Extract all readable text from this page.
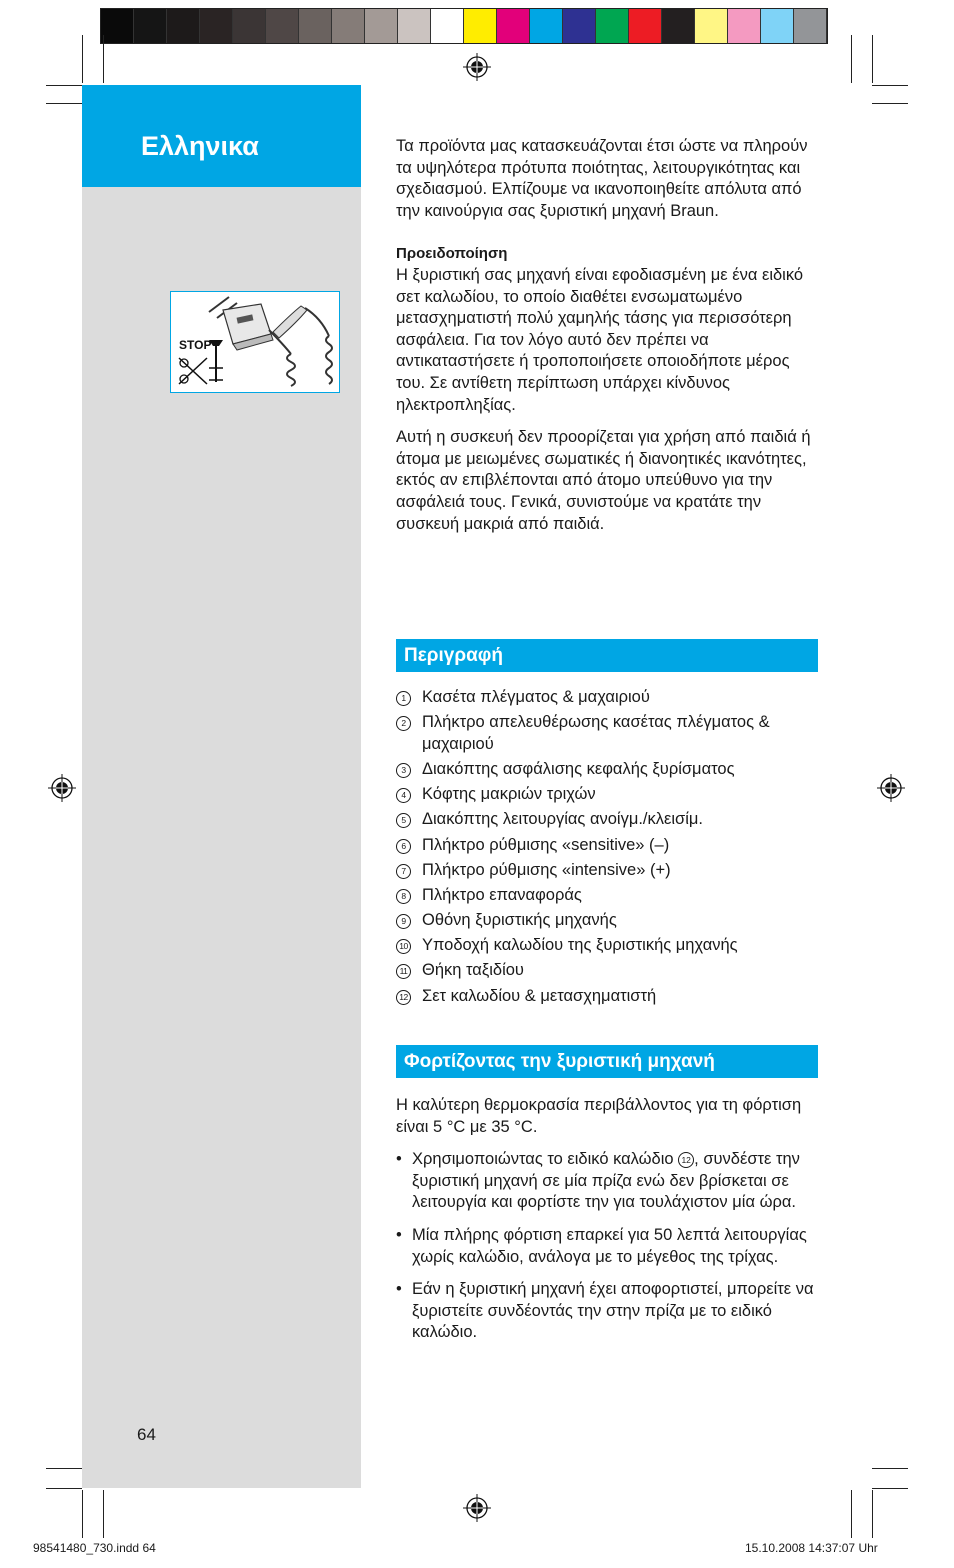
Ελληνικα
STOP

Τα προϊόντα μας κατασκευάζονται έτσι ώστε να πληρούν τα υψηλότερα πρότυπα ποιότητας, λειτουργικότητας και σχεδιασμού. Ελπίζουμε να ικανοποιηθείτε απόλυτα από την καινούργια σας ξυριστική μηχανή Braun.

Προειδοποίηση

Η ξυριστική σας μηχανή είναι εφοδιασμένη με ένα ειδικό σετ καλωδίου, το οποίο διαθέτει ενσωματωμένο μετασχηματιστή πολύ χαμηλής τάσης για περισσότερη ασφάλεια. Για τον λόγο αυτό δεν πρέπει να αντικαταστήσετε ή τροποποιήσετε οποιοδήποτε μέρος του. Σε αντίθετη περίπτωση υπάρχει κίνδυνος ηλεκτροπληξίας.

Αυτή η συσκευή δεν προορίζεται για χρήση από παιδιά ή άτομα με μειωμένες σωματικές ή διανοητικές ικανότητες, εκτός αν επιβλέπονται από άτομο υπεύθυνο για την ασφάλειά τους. Γενικά, συνιστούμε να κρατάτε την συσκευή μακριά από παιδιά.

Περιγραφή
1 Κασέτα πλέγματος & μαχαιριού
2 Πλήκτρο απελευθέρωσης κασέτας πλέγματος & μαχαιριού
3 Διακόπτης ασφάλισης κεφαλής ξυρίσματος
4 Κόφτης μακριών τριχών
5 Διακόπτης λειτουργίας ανοίγμ./κλεισίμ.
6 Πλήκτρο ρύθμισης «sensitive» (–)
7 Πλήκτρο ρύθμισης «intensive» (+)
8 Πλήκτρο επαναφοράς
9 Οθόνη ξυριστικής μηχανής
10 Υποδοχή καλωδίου της ξυριστικής μηχανής
11 Θήκη ταξιδίου
12 Σετ καλωδίου & μετασχηματιστή
Φορτίζοντας την ξυριστική μηχανή

Η καλύτερη θερμοκρασία περιβάλλοντος για τη φόρτιση είναι 5 °C με 35 °C.

• Χρησιμοποιώντας το ειδικό καλώδιο 12 , συνδέστε την ξυριστική μηχανή σε μία πρίζα ενώ δεν βρίσκεται σε λειτουργία και φορτίστε την για τουλάχιστον μία ώρα.
• Μία πλήρης φόρτιση επαρκεί για 50 λεπτά λειτουργίας χωρίς καλώδιο, ανάλογα με το μέγεθος της τρίχας.
• Εάν η ξυριστική μηχανή έχει αποφορτιστεί, μπορείτε να ξυριστείτε συνδέοντάς την στην πρίζα με το ειδικό καλώδιο.
64
98541480_730.indd 64	15.10.2008 14:37:07 Uhr
